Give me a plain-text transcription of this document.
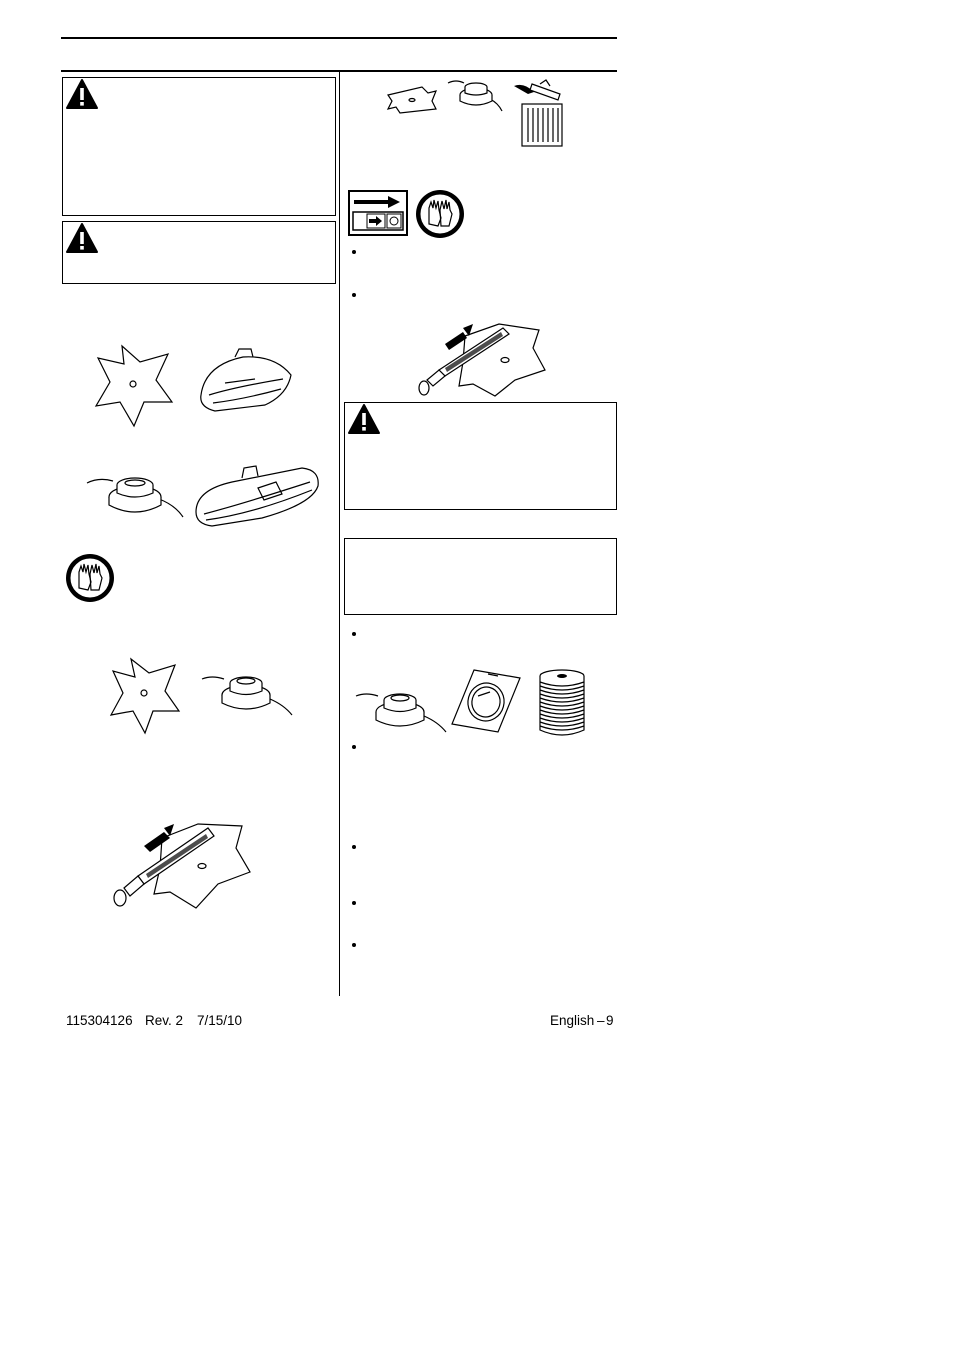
115304126 Rev. 2 7/15/10	English – 9
